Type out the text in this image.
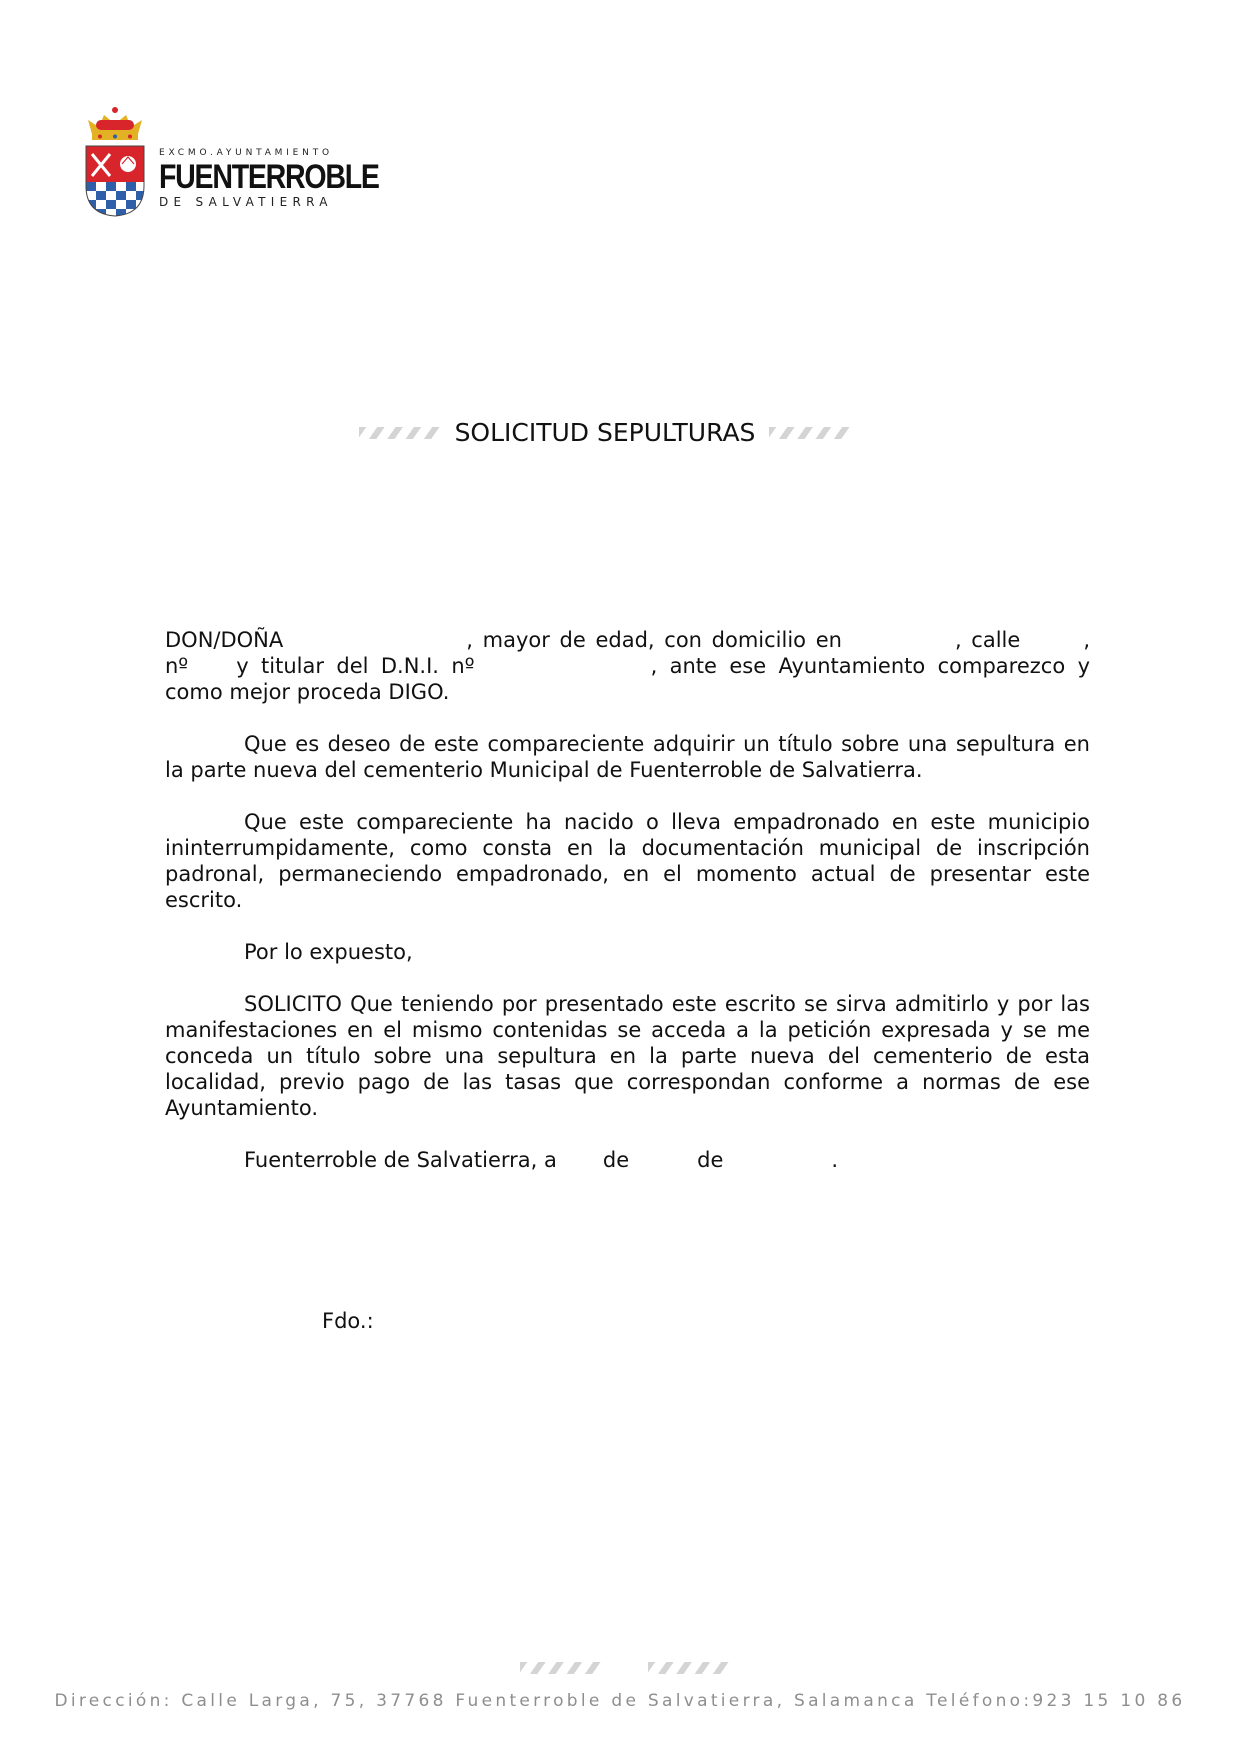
EXCMO.AYUNTAMIENTO
FUENTERROBLE
DE SALVATIERRA
SOLICITUD SEPULTURAS

DON/DOÑA	, mayor de edad, con domicilio en	, calle	, nº y titular del D.N.I. nº	, ante ese Ayuntamiento comparezco y como mejor proceda DIGO.

Que es deseo de este compareciente adquirir un título sobre una sepultura en la parte nueva del cementerio Municipal de Fuenterroble de Salvatierra.

Que este compareciente ha nacido o lleva empadronado en este municipio ininterrumpidamente, como consta en la documentación municipal de inscripción padronal, permaneciendo empadronado, en el momento actual de presentar este escrito.

Por lo expuesto,

SOLICITO Que teniendo por presentado este escrito se sirva admitirlo y por las manifestaciones en el mismo contenidas se acceda a la petición expresada y se me conceda un título sobre una sepultura en la parte nueva del cementerio de esta localidad, previo pago de las tasas que correspondan conforme a normas de ese Ayuntamiento.

Fuenterroble de Salvatierra, a de	de	.

Fdo.:
Dirección: Calle Larga, 75, 37768 Fuenterroble de Salvatierra, Salamanca Teléfono:923 15 10 86
